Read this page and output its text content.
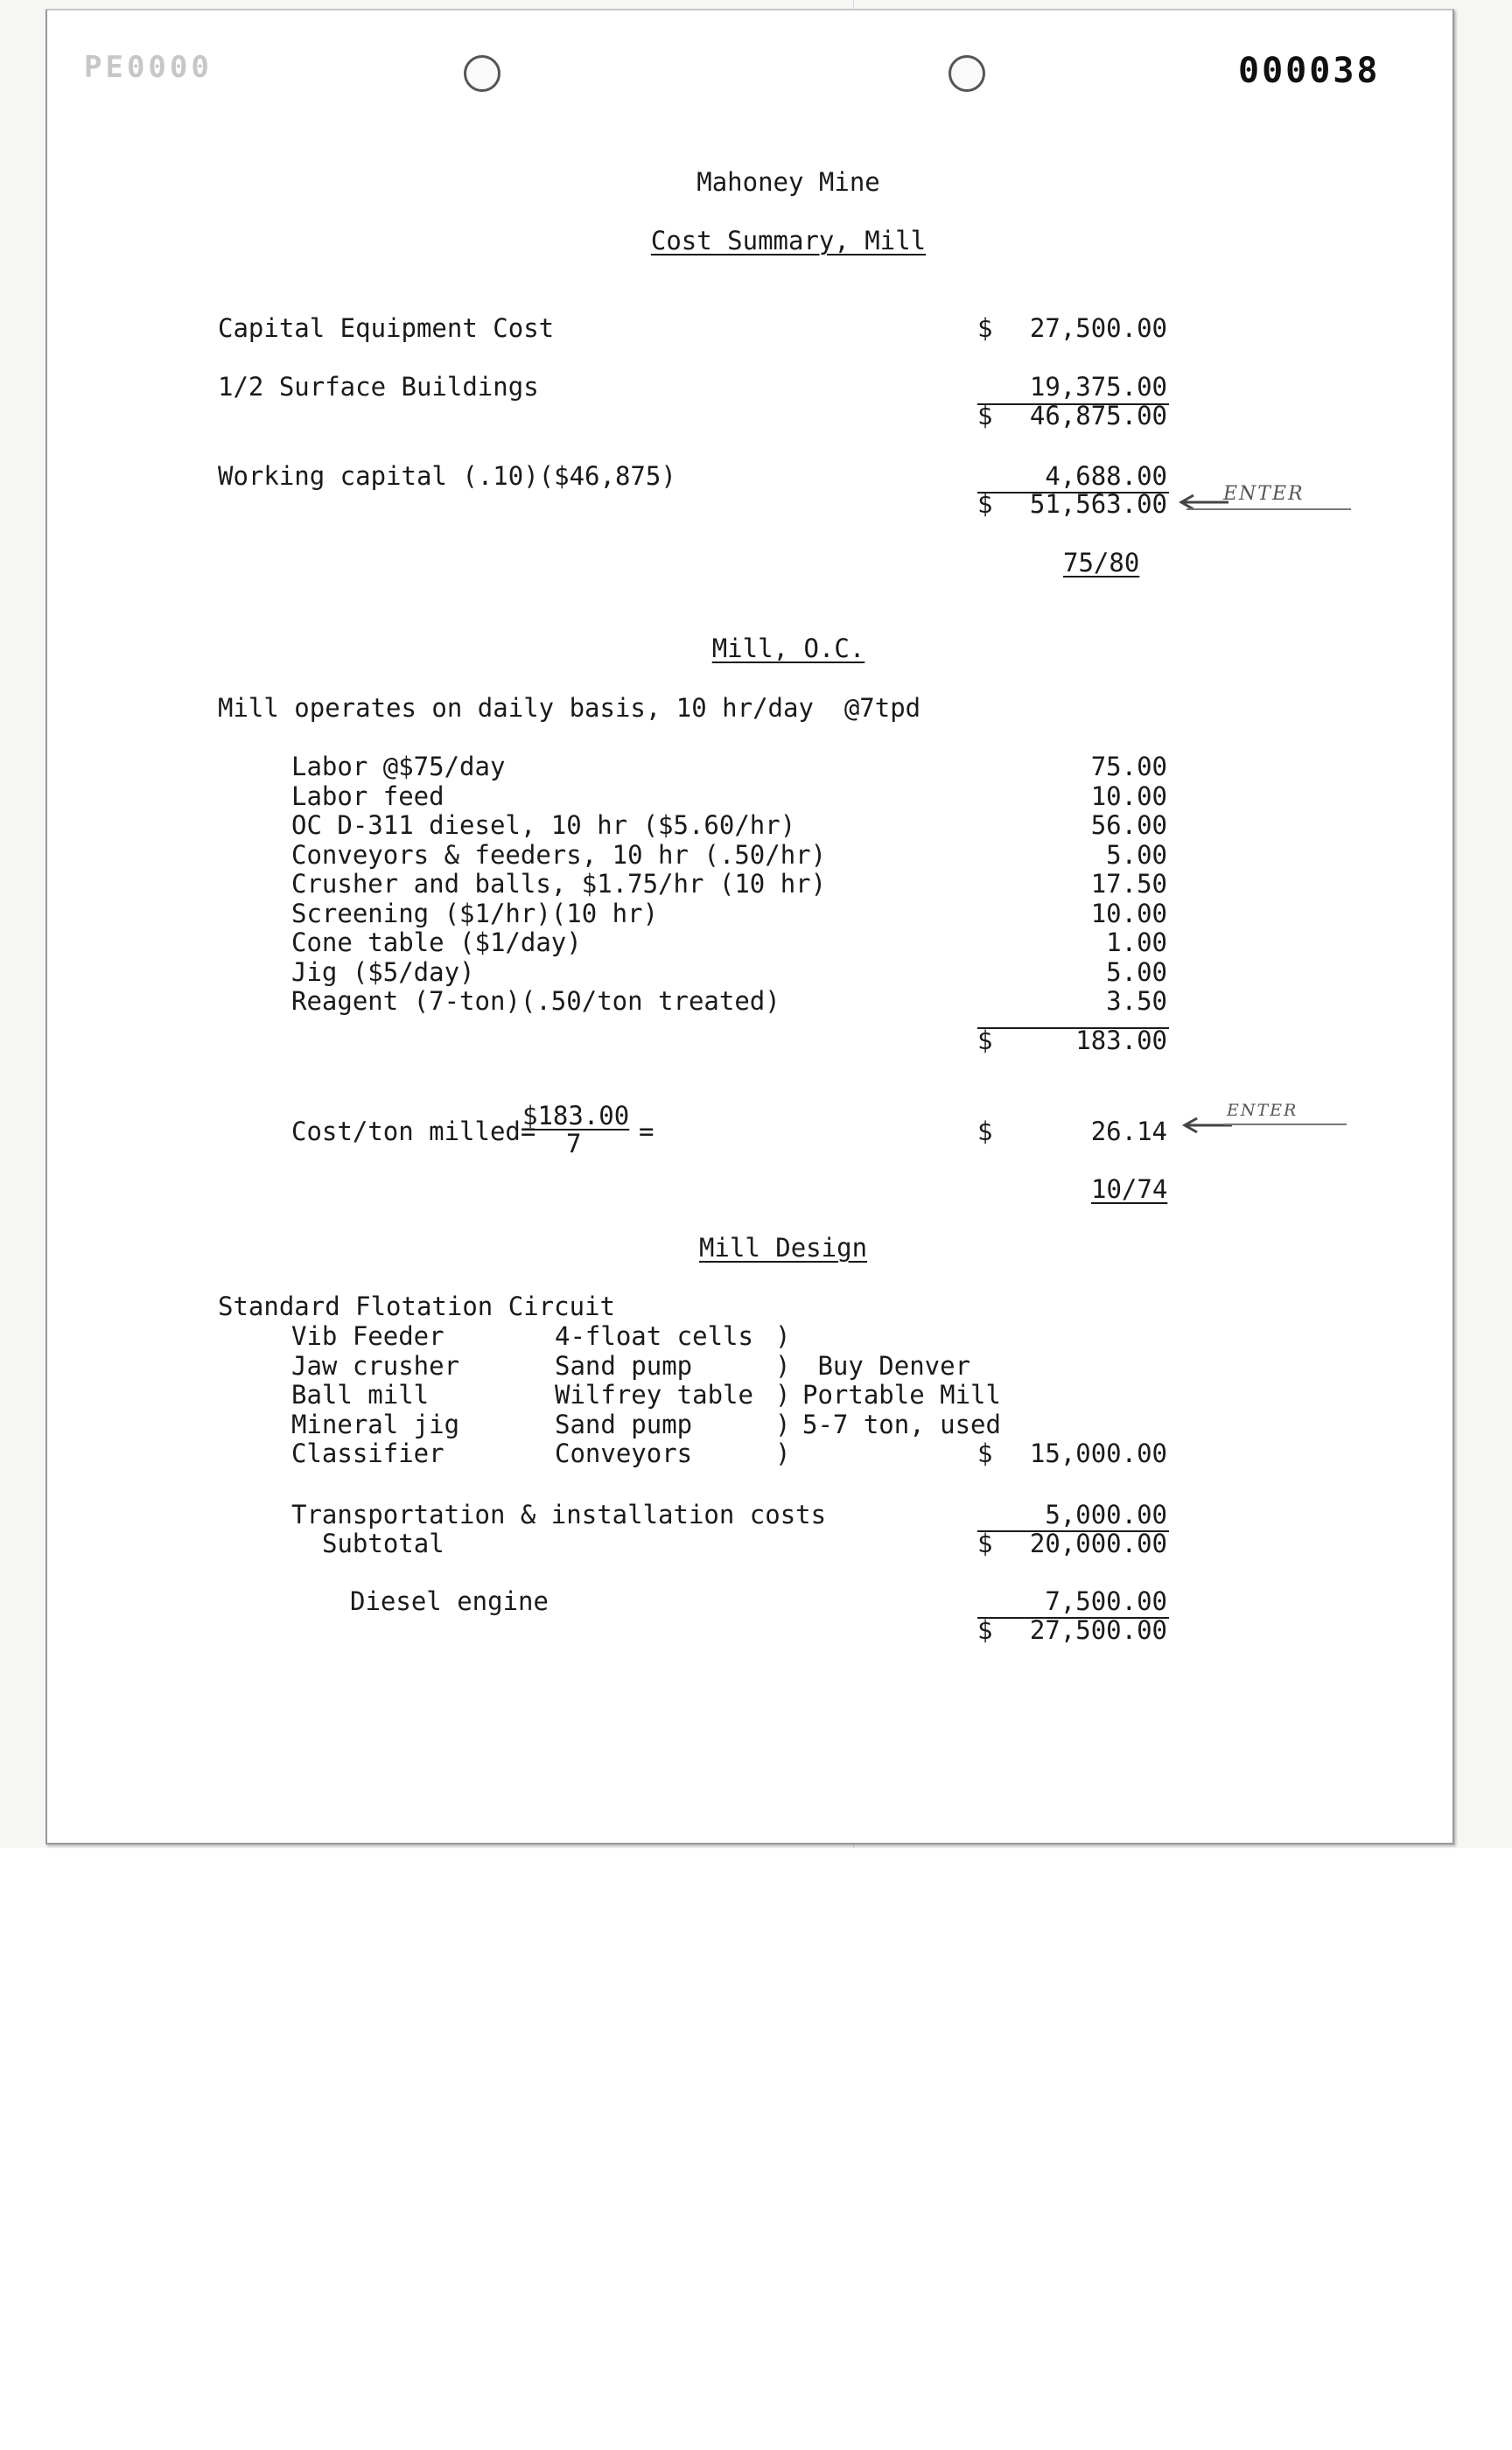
PE0000	000038
Mahoney Mine
Cost Summary, Mill
Capital Equipment Cost	$	27,500.00
1/2 Surface Buildings	19,375.00
$	46,875.00
Working capital (.10)($46,875)	4,688.00
$	51,563.00	ENTER
75/80
Mill, O.C.
Mill operates on daily basis, 10 hr/day  @7tpd
Labor @$75/day	75.00
Labor feed	10.00
OC D-311 diesel, 10 hr ($5.60/hr)	56.00
Conveyors & feeders, 10 hr (.50/hr)	5.00
Crusher and balls, $1.75/hr (10 hr)	17.50
Screening ($1/hr)(10 hr)	10.00
Cone table ($1/day)	1.00
Jig ($5/day)	5.00
Reagent (7-ton)(.50/ton treated)	3.50
$	183.00
Cost/ton milled=
$183.00
7 =	$	26.14
ENTER
10/74
Mill Design
Standard Flotation Circuit
Vib Feeder	4-float cells )
Jaw crusher	Sand pump	) Buy Denver
Ball mill	Wilfrey table ) Portable Mill
Mineral jig	Sand pump	) 5-7 ton, used
Classifier	Conveyors	)	$	15,000.00
Transportation & installation costs	5,000.00
Subtotal	$	20,000.00
Diesel engine	7,500.00
$	27,500.00
